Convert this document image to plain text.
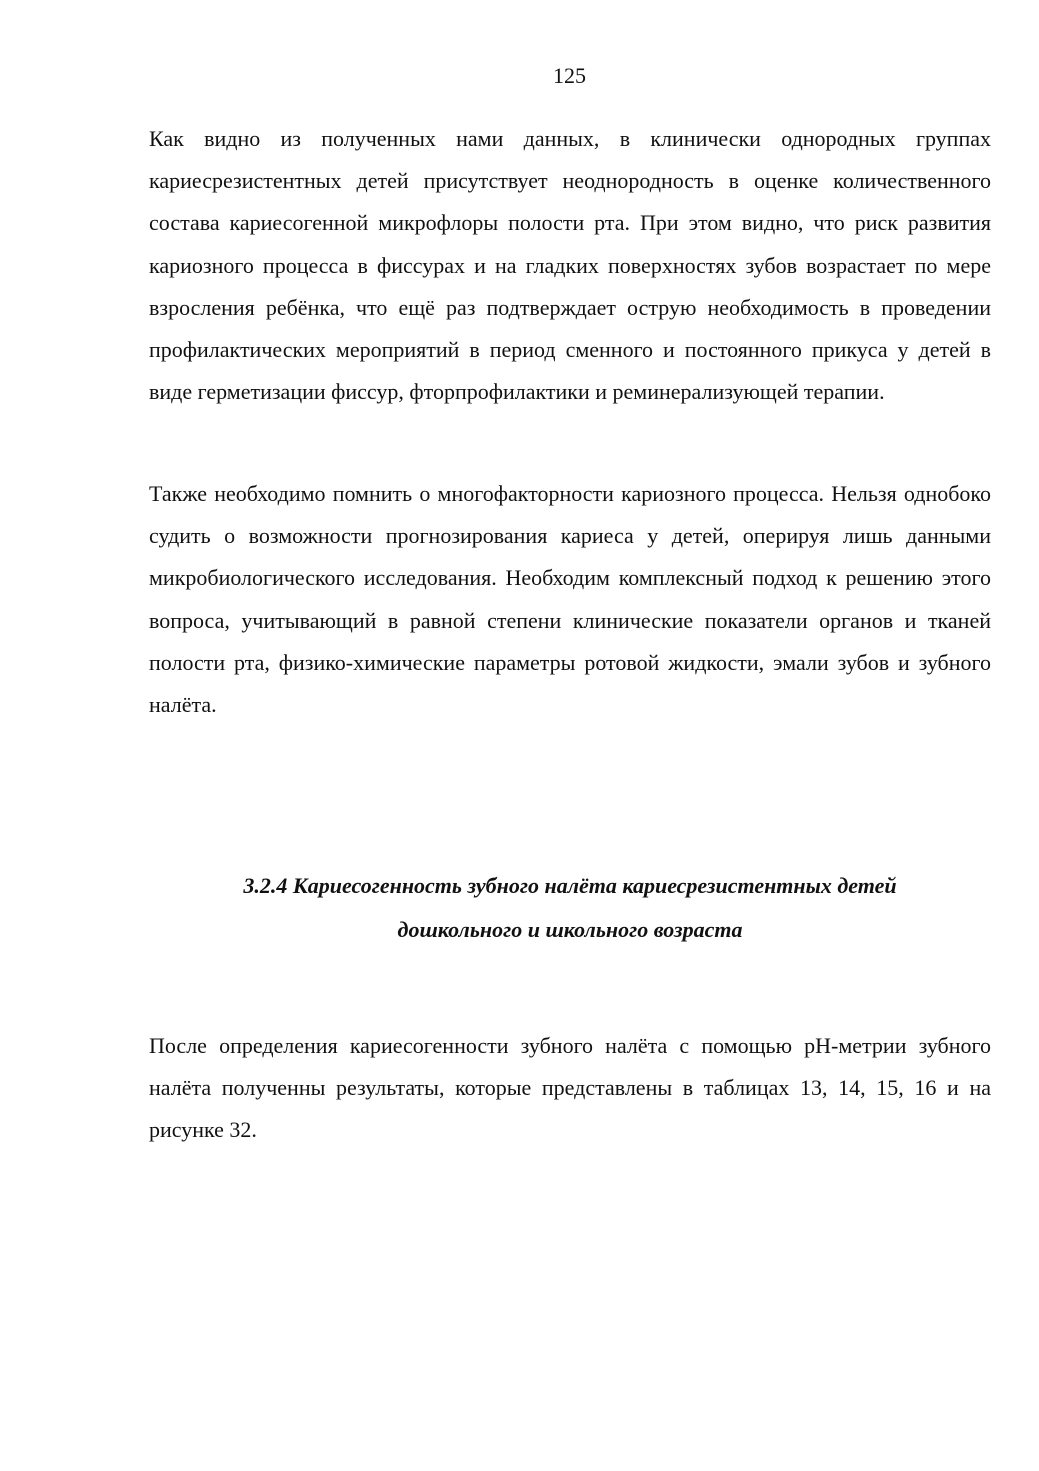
125

Как видно из полученных нами данных, в клинически однородных группах кариесрезистентных детей присутствует неоднородность в оценке количественного состава кариесогенной микрофлоры полости рта. При этом видно, что риск развития кариозного процесса в фиссурах и на гладких поверхностях зубов возрастает по мере взросления ребёнка, что ещё раз подтверждает острую необходимость в проведении профилактических мероприятий в период сменного и постоянного прикуса у детей в виде герметизации фиссур, фторпрофилактики и реминерализующей терапии.

Также необходимо помнить о многофакторности кариозного процесса. Нельзя однобоко судить о возможности прогнозирования кариеса у детей, оперируя лишь данными микробиологического исследования. Необходим комплексный подход к решению этого вопроса, учитывающий в равной степени клинические показатели органов и тканей полости рта, физико-химические параметры ротовой жидкости, эмали зубов и зубного налёта.

3.2.4 Кариесогенность зубного налёта кариесрезистентных детей
дошкольного и школьного возраста

После определения кариесогенности зубного налёта с помощью pH-метрии зубного налёта полученны результаты, которые представлены в таблицах 13, 14, 15, 16 и на рисунке 32.
